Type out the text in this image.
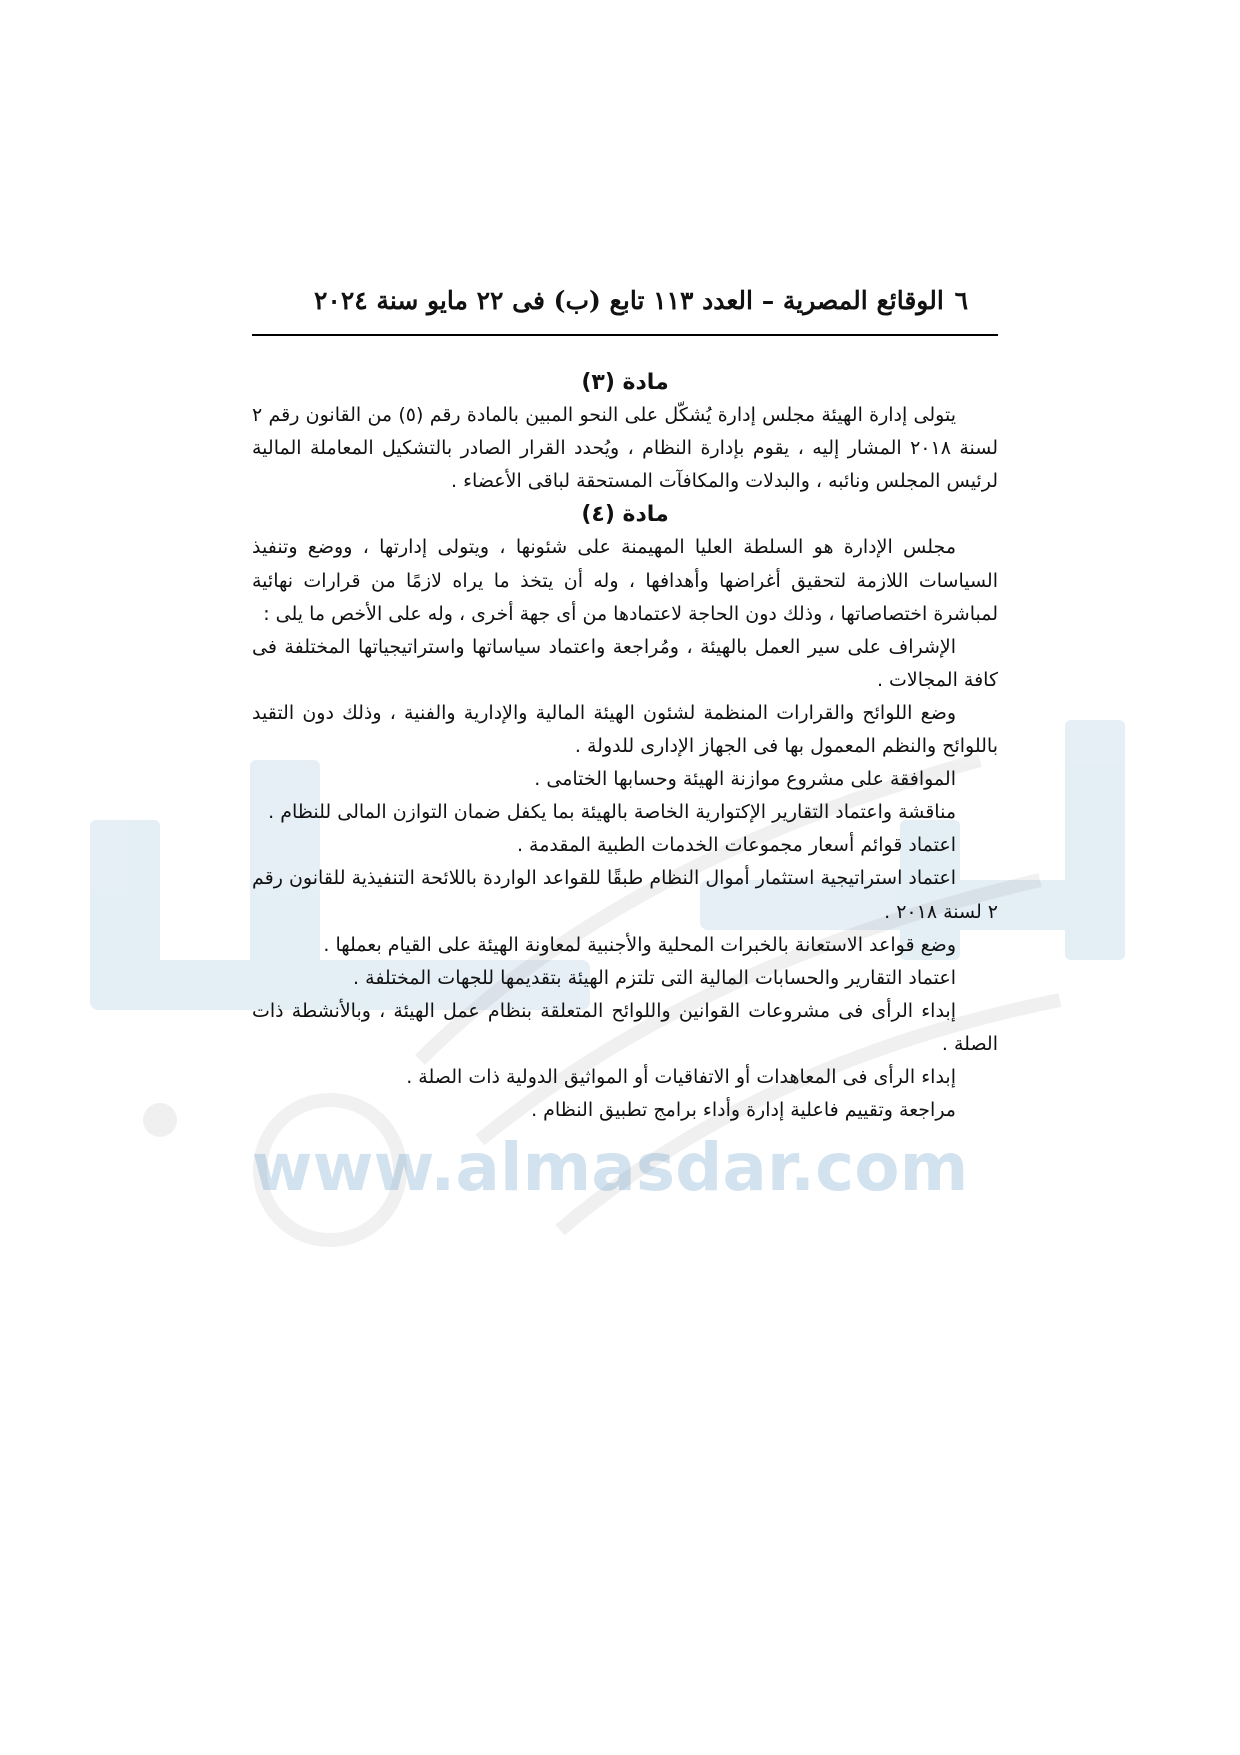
www.almasdar.com
٦
الوقائع المصرية – العدد ١١٣ تابع (ب) فى ٢٢ مايو سنة ٢٠٢٤
مادة (٣)
يتولى إدارة الهيئة مجلس إدارة يُشكّل على النحو المبين بالمادة رقم (٥) من القانون رقم ٢ لسنة ٢٠١٨ المشار إليه ، يقوم بإدارة النظام ، ويُحدد القرار الصادر بالتشكيل المعاملة المالية لرئيس المجلس ونائبه ، والبدلات والمكافآت المستحقة لباقى الأعضاء .
مادة (٤)
مجلس الإدارة هو السلطة العليا المهيمنة على شئونها ، ويتولى إدارتها ، ووضع وتنفيذ السياسات اللازمة لتحقيق أغراضها وأهدافها ، وله أن يتخذ ما يراه لازمًا من قرارات نهائية لمباشرة اختصاصاتها ، وذلك دون الحاجة لاعتمادها من أى جهة أخرى ، وله على الأخص ما يلى :
الإشراف على سير العمل بالهيئة ، ومُراجعة واعتماد سياساتها واستراتيجياتها المختلفة فى كافة المجالات .
وضع اللوائح والقرارات المنظمة لشئون الهيئة المالية والإدارية والفنية ، وذلك دون التقيد باللوائح والنظم المعمول بها فى الجهاز الإدارى للدولة .
الموافقة على مشروع موازنة الهيئة وحسابها الختامى .
مناقشة واعتماد التقارير الإكتوارية الخاصة بالهيئة بما يكفل ضمان التوازن المالى للنظام .
اعتماد قوائم أسعار مجموعات الخدمات الطبية المقدمة .
اعتماد استراتيجية استثمار أموال النظام طبقًا للقواعد الواردة باللائحة التنفيذية للقانون رقم ٢ لسنة ٢٠١٨ .
وضع قواعد الاستعانة بالخبرات المحلية والأجنبية لمعاونة الهيئة على القيام بعملها .
اعتماد التقارير والحسابات المالية التى تلتزم الهيئة بتقديمها للجهات المختلفة .
إبداء الرأى فى مشروعات القوانين واللوائح المتعلقة بنظام عمل الهيئة ، وبالأنشطة ذات الصلة .
إبداء الرأى فى المعاهدات أو الاتفاقيات أو المواثيق الدولية ذات الصلة .
مراجعة وتقييم فاعلية إدارة وأداء برامج تطبيق النظام .
